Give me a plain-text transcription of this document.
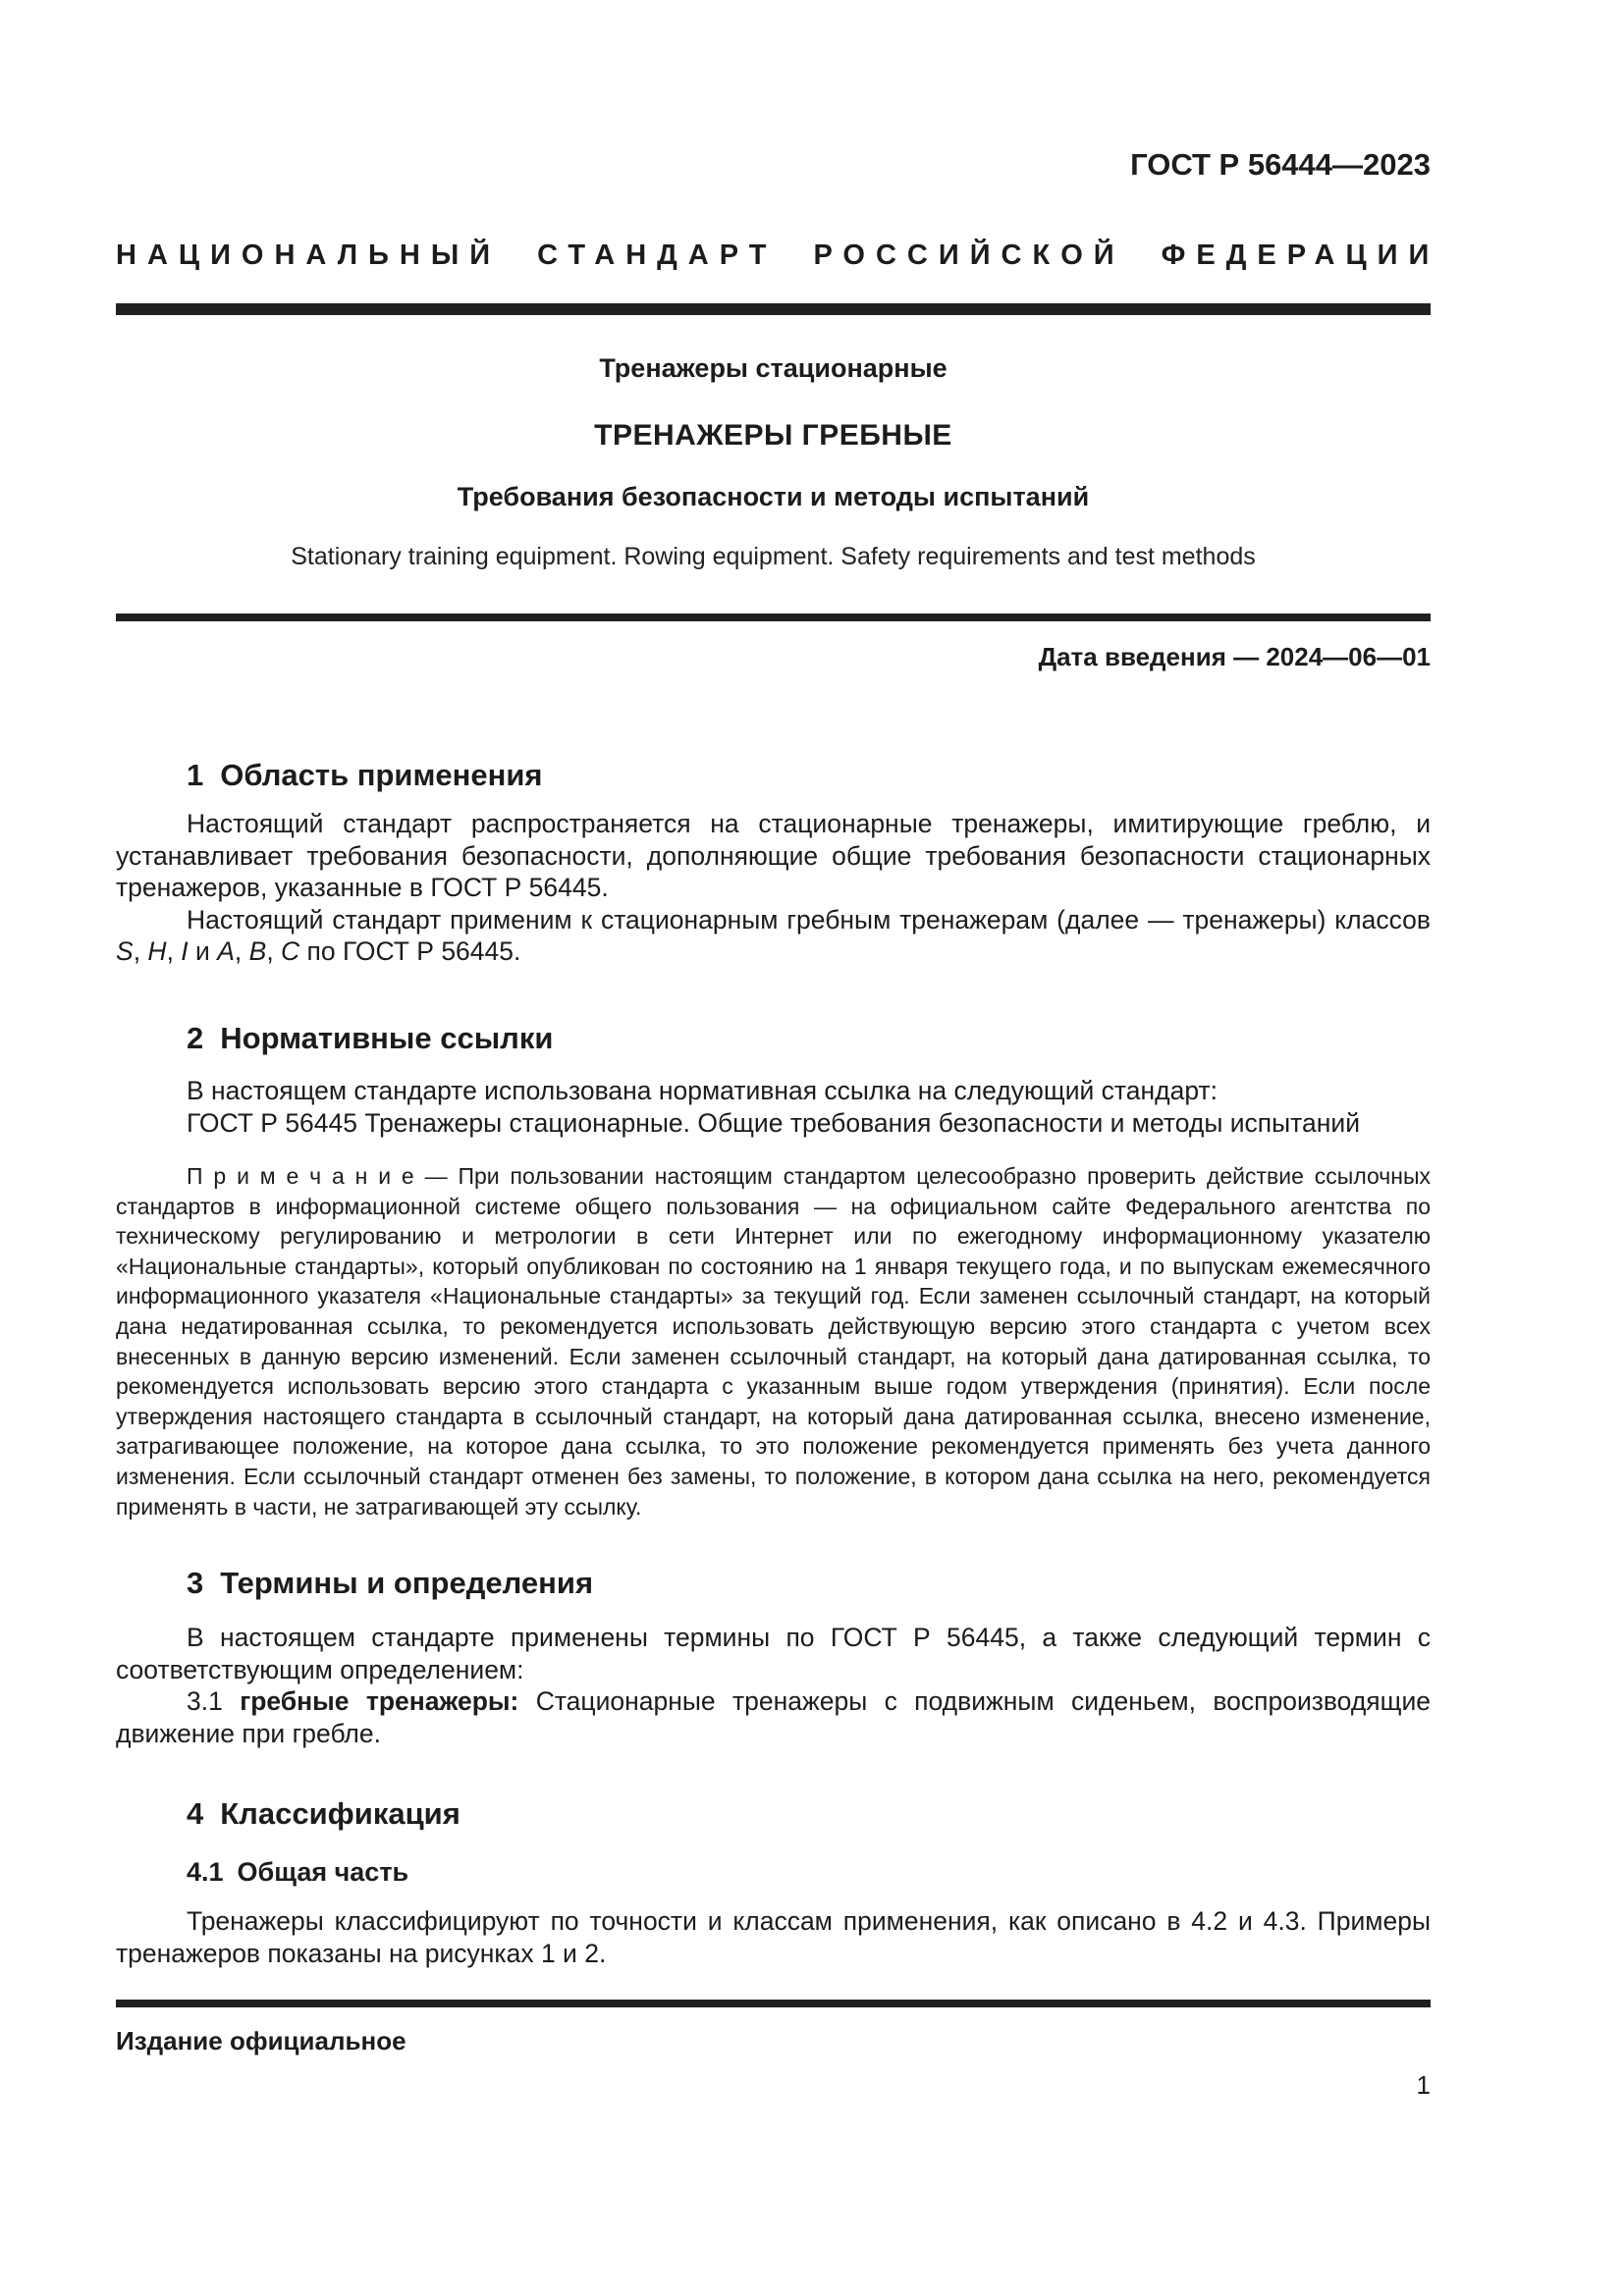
ГОСТ Р 56444—2023
НАЦИОНАЛЬНЫЙ СТАНДАРТ РОССИЙСКОЙ ФЕДЕРАЦИИ
Тренажеры стационарные
ТРЕНАЖЕРЫ ГРЕБНЫЕ
Требования безопасности и методы испытаний
Stationary training equipment. Rowing equipment. Safety requirements and test methods
Дата введения — 2024—06—01
1 Область применения

Настоящий стандарт распространяется на стационарные тренажеры, имитирующие греблю, и устанавливает требования безопасности, дополняющие общие требования безопасности стационарных тренажеров, указанные в ГОСТ Р 56445.

Настоящий стандарт применим к стационарным гребным тренажерам (далее — тренажеры) классов S, H, I и A, B, C по ГОСТ Р 56445.

2 Нормативные ссылки

В настоящем стандарте использована нормативная ссылка на следующий стандарт:

ГОСТ Р 56445 Тренажеры стационарные. Общие требования безопасности и методы испытаний

П р и м е ч а н и е — При пользовании настоящим стандартом целесообразно проверить действие ссылочных стандартов в информационной системе общего пользования — на официальном сайте Федерального агентства по техническому регулированию и метрологии в сети Интернет или по ежегодному информационному указателю «Национальные стандарты», который опубликован по состоянию на 1 января текущего года, и по выпускам ежемесячного информационного указателя «Национальные стандарты» за текущий год. Если заменен ссылочный стандарт, на который дана недатированная ссылка, то рекомендуется использовать действующую версию этого стандарта с учетом всех внесенных в данную версию изменений. Если заменен ссылочный стандарт, на который дана датированная ссылка, то рекомендуется использовать версию этого стандарта с указанным выше годом утверждения (принятия). Если после утверждения настоящего стандарта в ссылочный стандарт, на который дана датированная ссылка, внесено изменение, затрагивающее положение, на которое дана ссылка, то это положение рекомендуется применять без учета данного изменения. Если ссылочный стандарт отменен без замены, то положение, в котором дана ссылка на него, рекомендуется применять в части, не затрагивающей эту ссылку.

3 Термины и определения

В настоящем стандарте применены термины по ГОСТ Р 56445, а также следующий термин с соответствующим определением:

3.1 гребные тренажеры: Стационарные тренажеры с подвижным сиденьем, воспроизводящие движение при гребле.

4 Классификация
4.1 Общая часть

Тренажеры классифицируют по точности и классам применения, как описано в 4.2 и 4.3. Примеры тренажеров показаны на рисунках 1 и 2.

Издание официальное
1
